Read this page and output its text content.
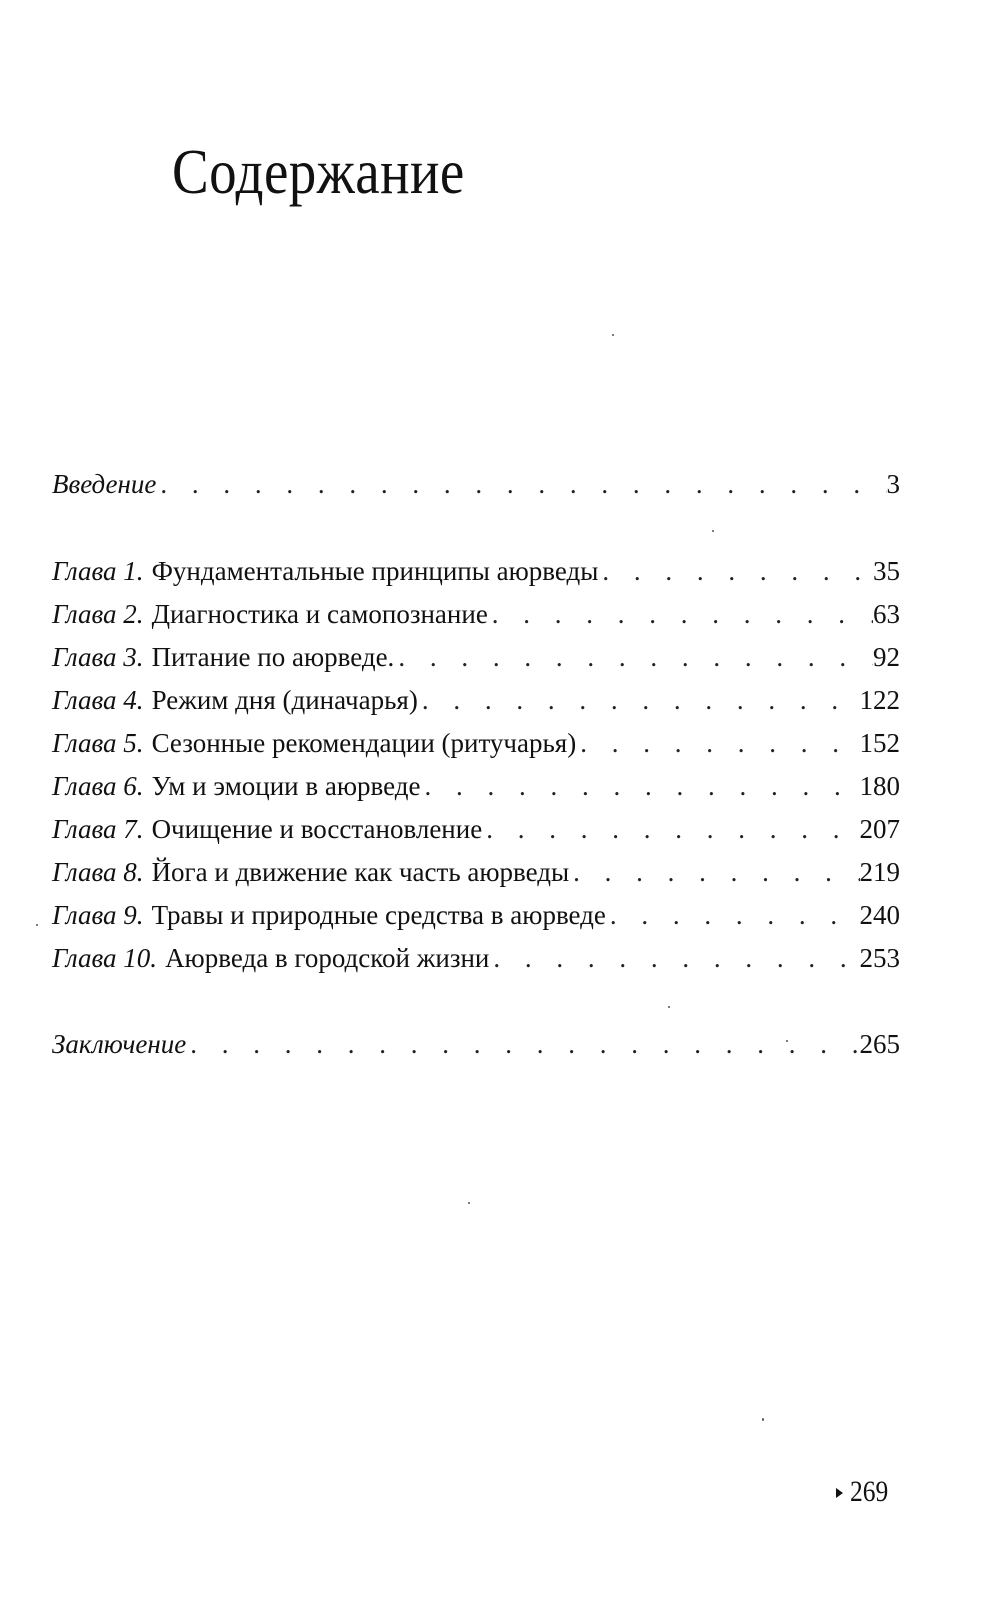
Содержание
Введение . . .	3
Глава 1. Фундаментальные принципы аюрведы . . .	35
Глава 2. Диагностика и самопознание . . .	63
Глава 3. Питание по аюрведе. . . .	92
Глава 4. Режим дня (диначарья) . . .	122
Глава 5. Сезонные рекомендации (ритучарья) . . .	152
Глава 6. Ум и эмоции в аюрведе . . .	180
Глава 7. Очищение и восстановление . . .	207
Глава 8. Йога и движение как часть аюрведы . . .	219
Глава 9. Травы и природные средства в аюрведе . . .	240
Глава 10. Аюрведа в городской жизни . . .	253
Заключение . . .	265
269
